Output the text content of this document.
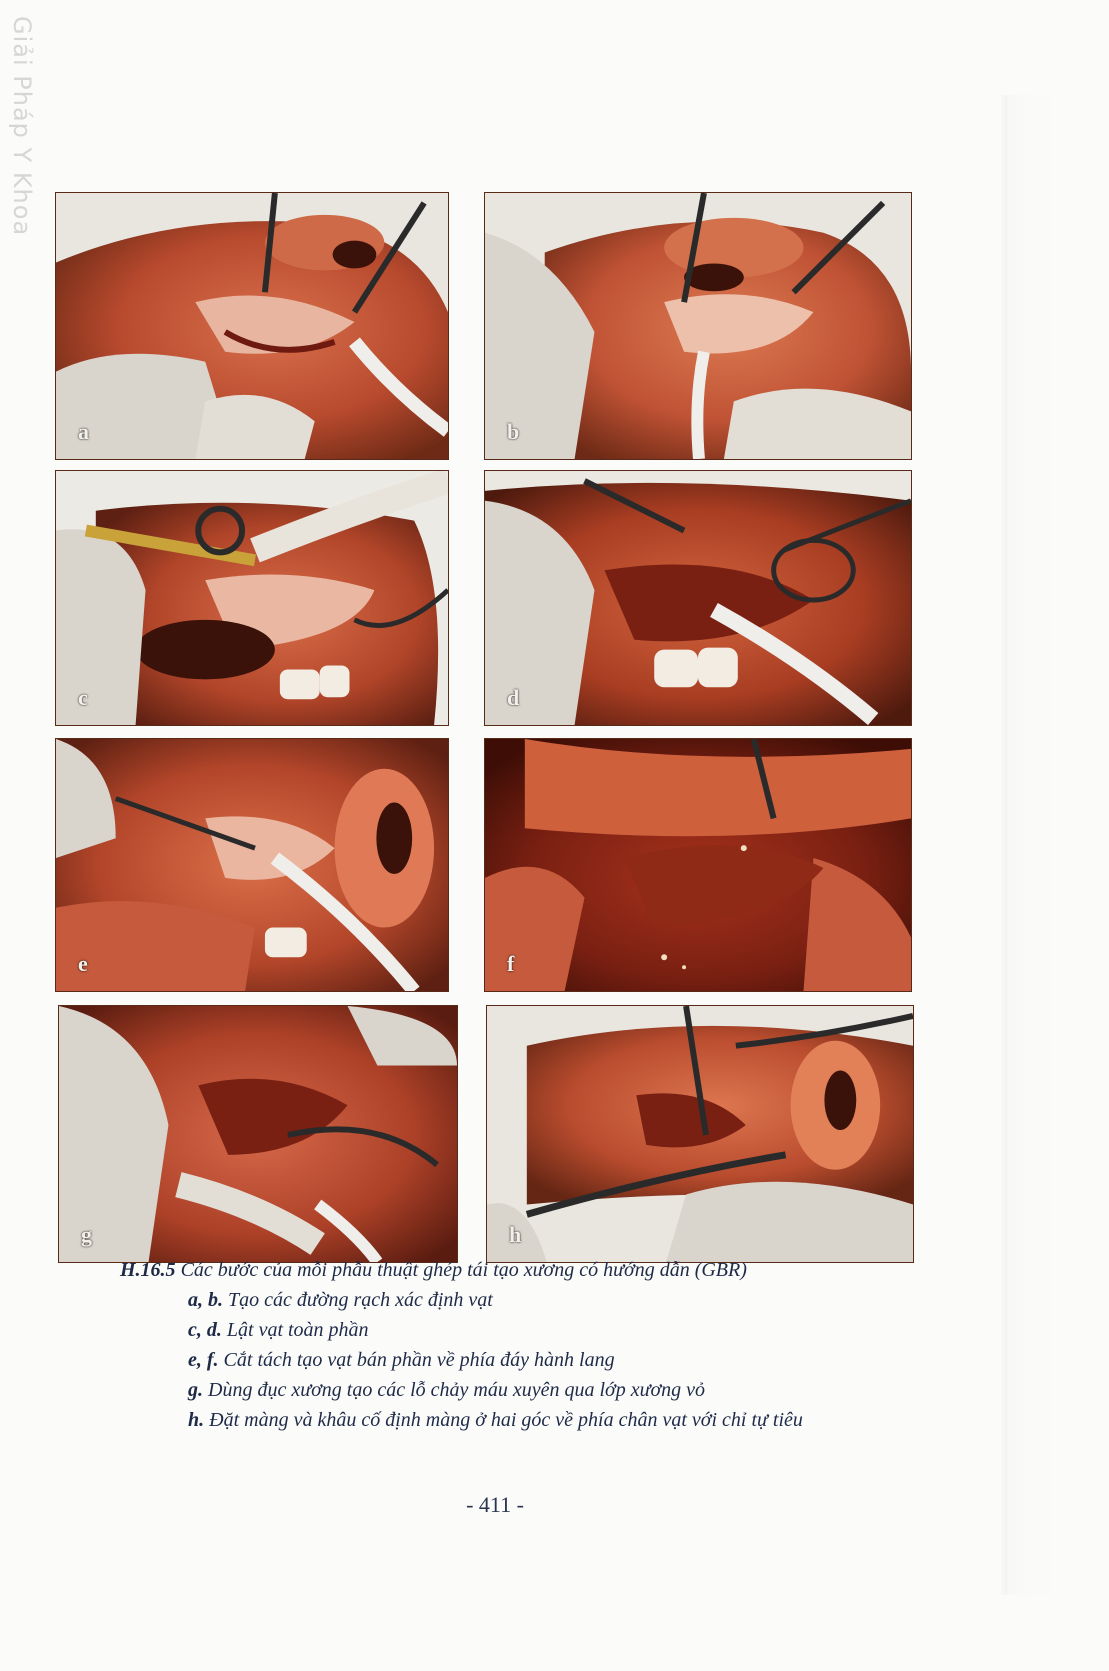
Giải Pháp Y Khoa
a	b
c	d
e	f
g	h
H.16.5 Các bước của mỗi phẫu thuật ghép tái tạo xương có hướng dẫn (GBR)
a, b. Tạo các đường rạch xác định vạt
c, d. Lật vạt toàn phần
e, f. Cắt tách tạo vạt bán phần về phía đáy hành lang
g. Dùng đục xương tạo các lỗ chảy máu xuyên qua lớp xương vỏ
h. Đặt màng và khâu cố định màng ở hai góc về phía chân vạt với chỉ tự tiêu
- 411 -
